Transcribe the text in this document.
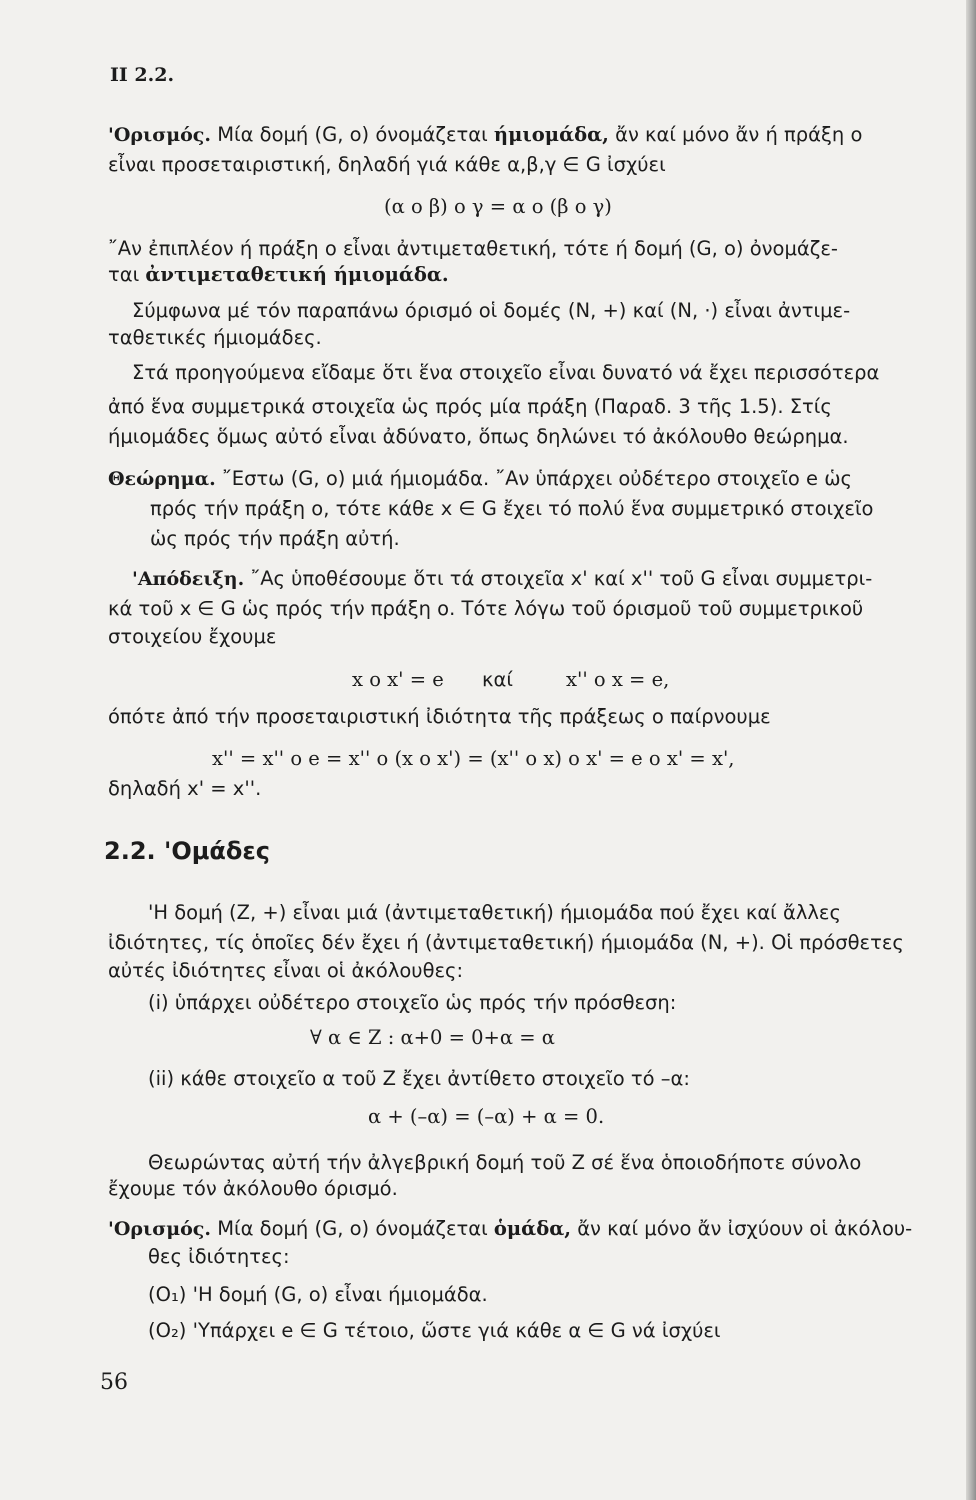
ΙΙ 2.2.
'Ορισμός. Μία δομή (G, o) όνομάζεται ήμιομάδα, ἄν καί μόνο ἄν ή πράξη ο
εἶναι προσεταιριστική, δηλαδή γιά κάθε α,β,γ ∈ G ἰσχύει
(α ο β) ο γ = α ο (β ο γ)
῎Αν ἐπιπλέον ή πράξη ο εἶναι ἀντιμεταθετική, τότε ή δομή (G, o) ὀνομάζε-
ται ἀντιμεταθετική ήμιομάδα.
Σύμφωνα μέ τόν παραπάνω όρισμό οἱ δομές (N, +) καί (N, ·) εἶναι ἀντιμε-
ταθετικές ήμιομάδες.
Στά προηγούμενα εἴδαμε ὅτι ἕνα στοιχεῖο εἶναι δυνατό νά ἔχει περισσότερα
ἀπό ἕνα συμμετρικά στοιχεῖα ὡς πρός μία πράξη (Παραδ. 3 τῆς 1.5). Στίς
ήμιομάδες ὅμως αὐτό εἶναι ἀδύνατο, ὅπως δηλώνει τό ἀκόλουθο θεώρημα.
Θεώρημα. ῎Εστω (G, o) μιά ήμιομάδα. ῎Αν ὑπάρχει οὐδέτερο στοιχεῖο e ὡς
πρός τήν πράξη ο, τότε κάθε x ∈ G ἔχει τό πολύ ἕνα συμμετρικό στοιχεῖο
ὡς πρός τήν πράξη αὐτή.
'Απόδειξη. ῎Ας ὑποθέσουμε ὅτι τά στοιχεῖα x' καί x'' τοῦ G εἶναι συμμετρι-
κά τοῦ x ∈ G ὡς πρός τήν πράξη ο. Τότε λόγω τοῦ όρισμοῦ τοῦ συμμετρικοῦ
στοιχείου ἔχουμε
x ο x' = e καί	x'' ο x = e,
όπότε ἀπό τήν προσεταιριστική ἰδιότητα τῆς πράξεως ο παίρνουμε
x'' = x'' ο e = x'' ο (x ο x') = (x'' ο x) ο x' = e ο x' = x',
δηλαδή x' = x''.
2.2. 'Ομάδες
'Η δομή (Z, +) εἶναι μιά (ἀντιμεταθετική) ήμιομάδα πού ἔχει καί ἄλλες
ἰδιότητες, τίς ὁποῖες δέν ἔχει ή (ἀντιμεταθετική) ήμιομάδα (N, +). Οἱ πρόσθετες
αὐτές ἰδιότητες εἶναι οἱ ἀκόλουθες:
(i) ὑπάρχει οὐδέτερο στοιχεῖο ὡς πρός τήν πρόσθεση:
∀ α ∈ Z : α+0 = 0+α = α
(ii) κάθε στοιχεῖο α τοῦ Z ἔχει ἀντίθετο στοιχεῖο τό –α:
α + (–α) = (–α) + α = 0.
Θεωρώντας αὐτή τήν ἀλγεβρική δομή τοῦ Z σέ ἕνα ὁποιοδήποτε σύνολο
ἔχουμε τόν ἀκόλουθο όρισμό.
'Ορισμός. Μία δομή (G, o) όνομάζεται ὁμάδα, ἄν καί μόνο ἄν ἰσχύουν οἱ ἀκόλου-
θες ἰδιότητες:
(O₁) 'Η δομή (G, o) εἶναι ήμιομάδα.
(O₂) 'Υπάρχει e ∈ G τέτοιο, ὥστε γιά κάθε α ∈ G νά ἰσχύει
56
